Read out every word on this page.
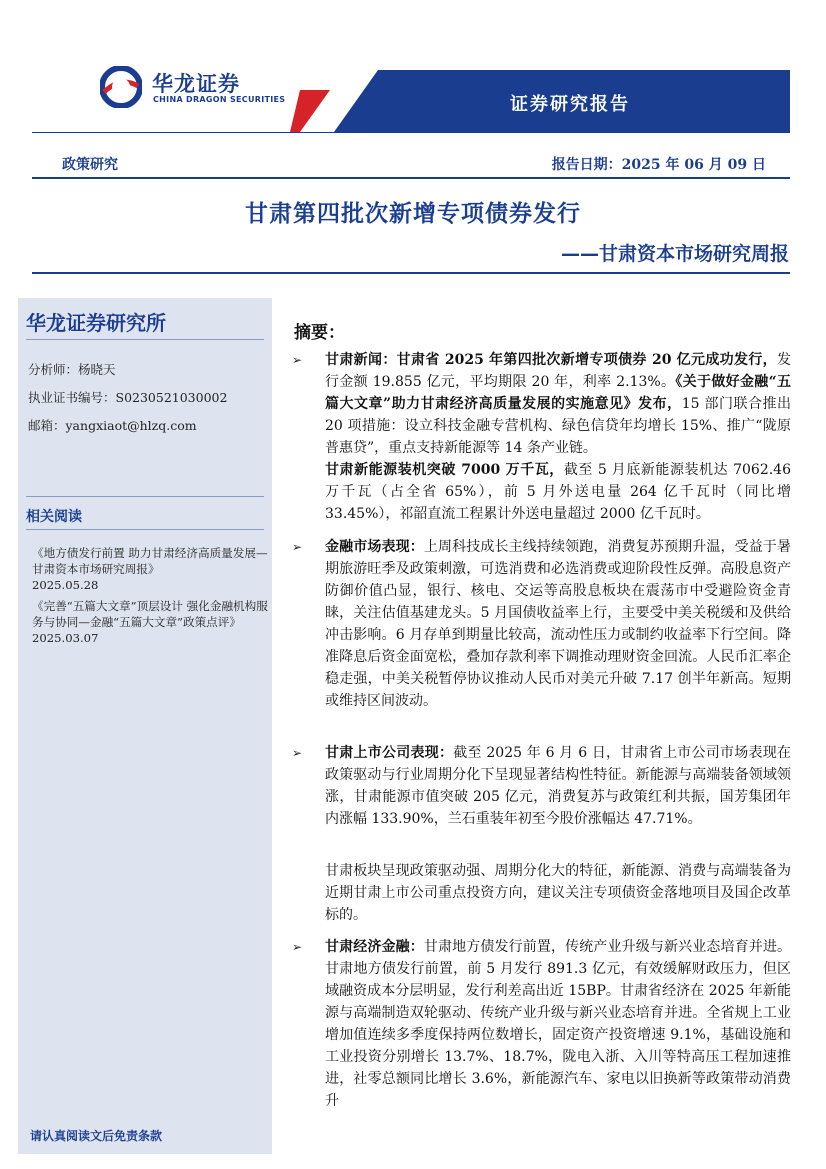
华龙证券
CHINA DRAGON SECURITIES	证券研究报告
政策研究	报告日期：2025 年 06 月 09 日
甘肃第四批次新增专项债券发行
——甘肃资本市场研究周报
华龙证券研究所
分析师：杨晓天
执业证书编号：S0230521030002
邮箱：yangxiaot@hlzq.com
相关阅读
《地方债发行前置 助力甘肃经济高质量发展—甘肃资本市场研究周报》
2025.05.28
《完善“五篇大文章”顶层设计 强化金融机构服务与协同—金融“五篇大文章”政策点评》
2025.03.07
请认真阅读文后免责条款
摘要：
➢ 甘肃新闻：甘肃省 2025 年第四批次新增专项债券 20 亿元成功发行，发行金额 19.855 亿元，平均期限 20 年，利率 2.13%。《关于做好金融“五篇大文章”助力甘肃经济高质量发展的实施意见》发布，15 部门联合推出 20 项措施：设立科技金融专营机构、绿色信贷年均增长 15%、推广“陇原普惠贷”，重点支持新能源等 14 条产业链。
甘肃新能源装机突破 7000 万千瓦，截至 5 月底新能源装机达 7062.46 万千瓦（占全省 65%），前 5 月外送电量 264 亿千瓦时（同比增 33.45%），祁韶直流工程累计外送电量超过 2000 亿千瓦时。
➢ 金融市场表现：上周科技成长主线持续领跑，消费复苏预期升温，受益于暑期旅游旺季及政策刺激，可选消费和必选消费或迎阶段性反弹。高股息资产防御价值凸显，银行、核电、交运等高股息板块在震荡市中受避险资金青睐，关注估值基建龙头。5 月国债收益率上行，主要受中美关税缓和及供给冲击影响。6 月存单到期量比较高，流动性压力或制约收益率下行空间。降准降息后资金面宽松，叠加存款利率下调推动理财资金回流。人民币汇率企稳走强，中美关税暂停协议推动人民币对美元升破 7.17 创半年新高。短期或维持区间波动。
➢ 甘肃上市公司表现：截至 2025 年 6 月 6 日，甘肃省上市公司市场表现在政策驱动与行业周期分化下呈现显著结构性特征。新能源与高端装备领域领涨，甘肃能源市值突破 205 亿元，消费复苏与政策红利共振，国芳集团年内涨幅 133.90%，兰石重装年初至今股价涨幅达 47.71%。
甘肃板块呈现政策驱动强、周期分化大的特征，新能源、消费与高端装备为近期甘肃上市公司重点投资方向，建议关注专项债资金落地项目及国企改革标的。
➢ 甘肃经济金融：甘肃地方债发行前置，传统产业升级与新兴业态培育并进。甘肃地方债发行前置，前 5 月发行 891.3 亿元，有效缓解财政压力，但区域融资成本分层明显，发行利差高出近 15BP。甘肃省经济在 2025 年新能源与高端制造双轮驱动、传统产业升级与新兴业态培育并进。全省规上工业增加值连续多季度保持两位数增长，固定资产投资增速 9.1%，基础设施和工业投资分别增长 13.7%、18.7%，陇电入浙、入川等特高压工程加速推进，社零总额同比增长 3.6%，新能源汽车、家电以旧换新等政策带动消费升
